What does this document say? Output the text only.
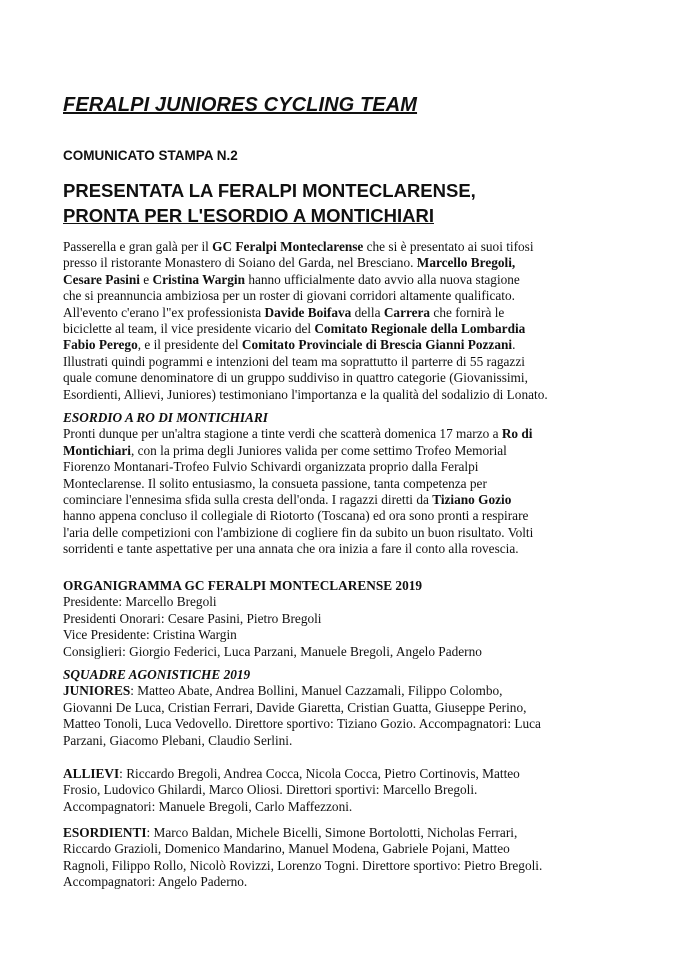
FERALPI JUNIORES CYCLING TEAM
COMUNICATO STAMPA N.2
PRESENTATA LA FERALPI MONTECLARENSE,
PRONTA PER L'ESORDIO A MONTICHIARI
Passerella e gran galà per il GC Feralpi Monteclarense che si è presentato ai suoi tifosi
presso il ristorante Monastero di Soiano del Garda, nel Bresciano. Marcello Bregoli,
Cesare Pasini e Cristina Wargin hanno ufficialmente dato avvio alla nuova stagione
che si preannuncia ambiziosa per un roster di giovani corridori altamente qualificato.
All'evento c'erano l"ex professionista Davide Boifava della Carrera che fornirà le
biciclette al team, il vice presidente vicario del Comitato Regionale della Lombardia
Fabio Perego, e il presidente del Comitato Provinciale di Brescia Gianni Pozzani.
Illustrati quindi pogrammi e intenzioni del team ma soprattutto il parterre di 55 ragazzi
quale comune denominatore di un gruppo suddiviso in quattro categorie (Giovanissimi,
Esordienti, Allievi, Juniores) testimoniano l'importanza e la qualità del sodalizio di Lonato.
ESORDIO A RO DI MONTICHIARI
Pronti dunque per un'altra stagione a tinte verdi che scatterà domenica 17 marzo a Ro di
Montichiari, con la prima degli Juniores valida per come settimo Trofeo Memorial
Fiorenzo Montanari-Trofeo Fulvio Schivardi organizzata proprio dalla Feralpi
Monteclarense. Il solito entusiasmo, la consueta passione, tanta competenza per
cominciare l'ennesima sfida sulla cresta dell'onda. I ragazzi diretti da Tiziano Gozio
hanno appena concluso il collegiale di Riotorto (Toscana) ed ora sono pronti a respirare
l'aria delle competizioni con l'ambizione di cogliere fin da subito un buon risultato. Volti
sorridenti e tante aspettative per una annata che ora inizia a fare il conto alla rovescia.
ORGANIGRAMMA GC FERALPI MONTECLARENSE 2019
Presidente: Marcello Bregoli
Presidenti Onorari: Cesare Pasini, Pietro Bregoli
Vice Presidente: Cristina Wargin
Consiglieri: Giorgio Federici, Luca Parzani, Manuele Bregoli, Angelo Paderno
SQUADRE AGONISTICHE 2019
JUNIORES: Matteo Abate, Andrea Bollini, Manuel Cazzamali, Filippo Colombo,
Giovanni De Luca, Cristian Ferrari, Davide Giaretta, Cristian Guatta, Giuseppe Perino,
Matteo Tonoli, Luca Vedovello. Direttore sportivo: Tiziano Gozio. Accompagnatori: Luca
Parzani, Giacomo Plebani, Claudio Serlini.
ALLIEVI: Riccardo Bregoli, Andrea Cocca, Nicola Cocca, Pietro Cortinovis, Matteo
Frosio, Ludovico Ghilardi, Marco Oliosi. Direttori sportivi: Marcello Bregoli.
Accompagnatori: Manuele Bregoli, Carlo Maffezzoni.
ESORDIENTI: Marco Baldan, Michele Bicelli, Simone Bortolotti, Nicholas Ferrari,
Riccardo Grazioli, Domenico Mandarino, Manuel Modena, Gabriele Pojani, Matteo
Ragnoli, Filippo Rollo, Nicolò Rovizzi, Lorenzo Togni. Direttore sportivo: Pietro Bregoli.
Accompagnatori: Angelo Paderno.
